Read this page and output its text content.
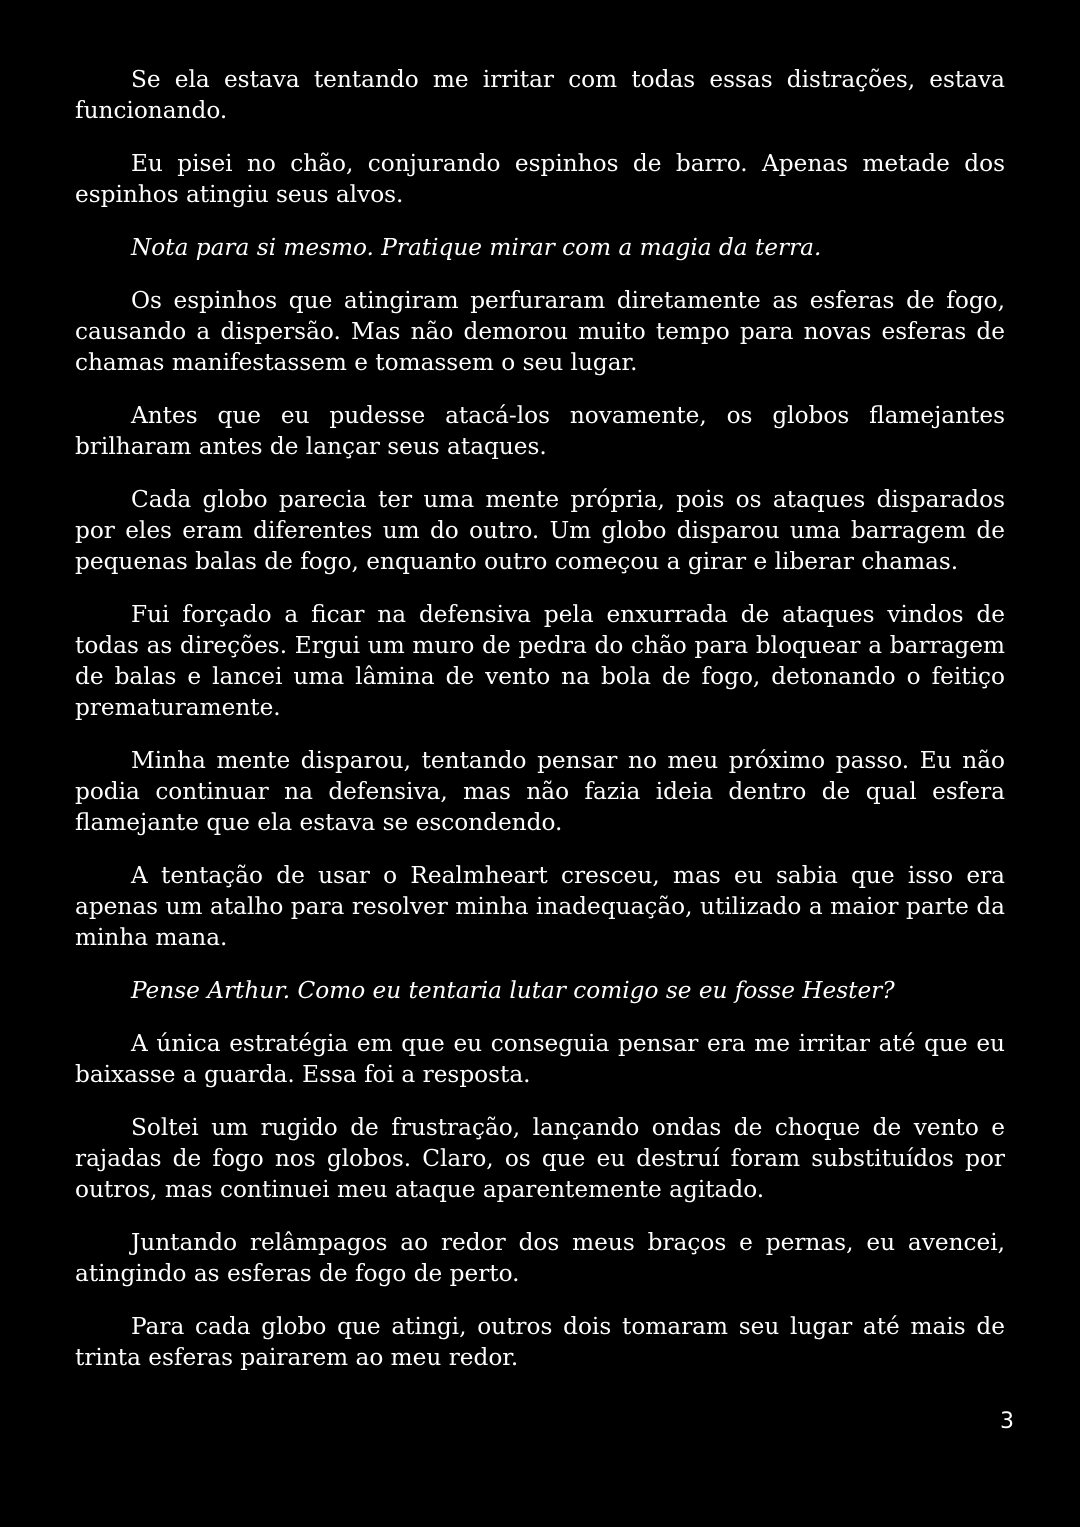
Se ela estava tentando me irritar com todas essas distrações, estava funcionando.

Eu pisei no chão, conjurando espinhos de barro. Apenas metade dos espinhos atingiu seus alvos.

Nota para si mesmo. Pratique mirar com a magia da terra.

Os espinhos que atingiram perfuraram diretamente as esferas de fogo, causando a dispersão. Mas não demorou muito tempo para novas esferas de chamas manifestassem e tomassem o seu lugar.

Antes que eu pudesse atacá-los novamente, os globos flamejantes brilharam antes de lançar seus ataques.

Cada globo parecia ter uma mente própria, pois os ataques disparados por eles eram diferentes um do outro. Um globo disparou uma barragem de pequenas balas de fogo, enquanto outro começou a girar e liberar chamas.

Fui forçado a ficar na defensiva pela enxurrada de ataques vindos de todas as direções. Ergui um muro de pedra do chão para bloquear a barragem de balas e lancei uma lâmina de vento na bola de fogo, detonando o feitiço prematuramente.

Minha mente disparou, tentando pensar no meu próximo passo. Eu não podia continuar na defensiva, mas não fazia ideia dentro de qual esfera flamejante que ela estava se escondendo.

A tentação de usar o Realmheart cresceu, mas eu sabia que isso era apenas um atalho para resolver minha inadequação, utilizado a maior parte da minha mana.

Pense Arthur. Como eu tentaria lutar comigo se eu fosse Hester?

A única estratégia em que eu conseguia pensar era me irritar até que eu baixasse a guarda. Essa foi a resposta.

Soltei um rugido de frustração, lançando ondas de choque de vento e rajadas de fogo nos globos. Claro, os que eu destruí foram substituídos por outros, mas continuei meu ataque aparentemente agitado.

Juntando relâmpagos ao redor dos meus braços e pernas, eu avencei, atingindo as esferas de fogo de perto.

Para cada globo que atingi, outros dois tomaram seu lugar até mais de trinta esferas pairarem ao meu redor.

3
